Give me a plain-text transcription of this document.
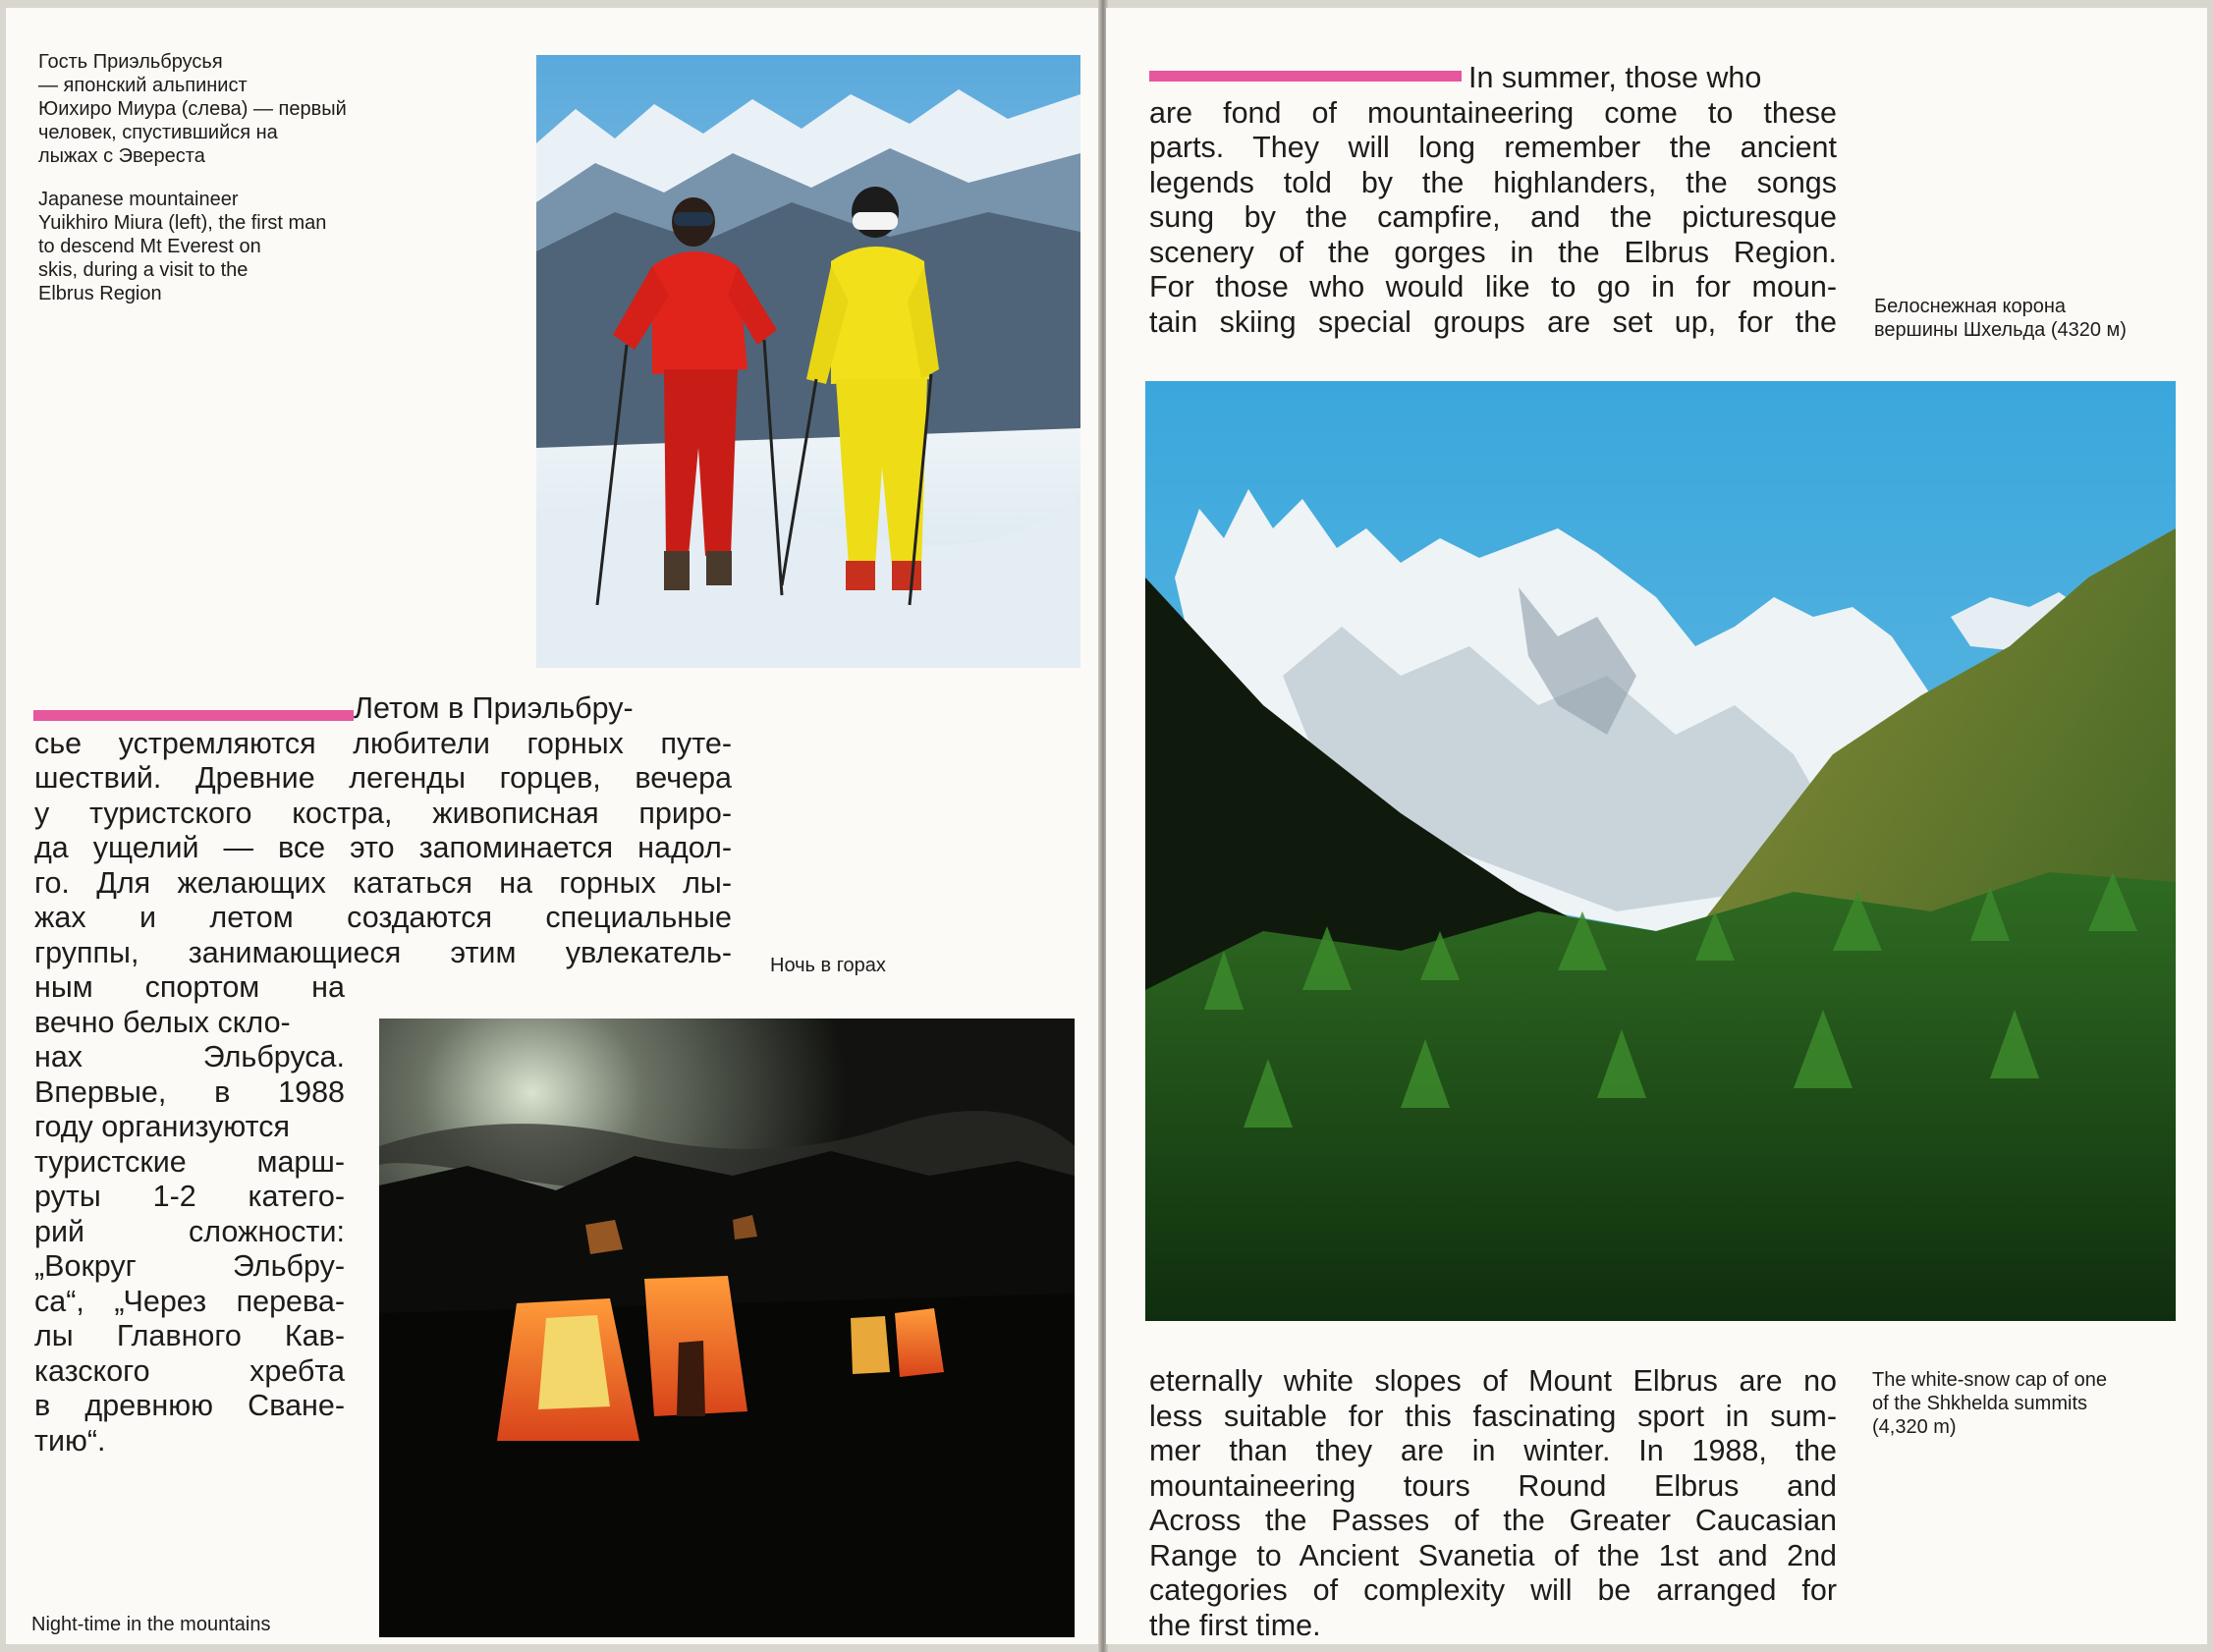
Гость Приэльбрусья
— японский альпинист
Юихиро Миура (слева) — первый
человек, спустившийся на
лыжах с Эвереста

Japanese mountaineer
Yuikhiro Miura (left), the first man
to descend Mt Everest on
skis, during a visit to the
Elbrus Region

Летом в Приэльбру-
сье устремляются любители горных путе-
шествий. Древние легенды горцев, вечера
у туристского костра, живописная приро-
да ущелий — все это запоминается надол-
го. Для желающих кататься на горных лы-
жах и летом создаются специальные
группы, занимающиеся этим увлекатель- Ночь в горах
ным спортом на
вечно белых скло-
нах Эльбруса.
Впервые, в 1988
году организуются
туристские марш-
руты 1-2 катего-
рий сложности:
„Вокруг Эльбру-
са“, „Через перева-
лы Главного Кав-
казского хребта
в древнюю Сване-
тию“.
Night-time in the mountains
In summer, those who
are fond of mountaineering come to these
parts. They will long remember the ancient
legends told by the highlanders, the songs
sung by the campfire, and the picturesque
scenery of the gorges in the Elbrus Region.
For those who would like to go in for moun-
tain skiing special groups are set up, for the Белоснежная корона
вершины Шхельда (4320 м)
eternally white slopes of Mount Elbrus are no
less suitable for this fascinating sport in sum-
mer than they are in winter. In 1988, the
mountaineering tours Round Elbrus and
Across the Passes of the Greater Caucasian
Range to Ancient Svanetia of the 1st and 2nd
categories of complexity will be arranged for
the first time.
The white-snow cap of one
of the Shkhelda summits
(4,320 m)
